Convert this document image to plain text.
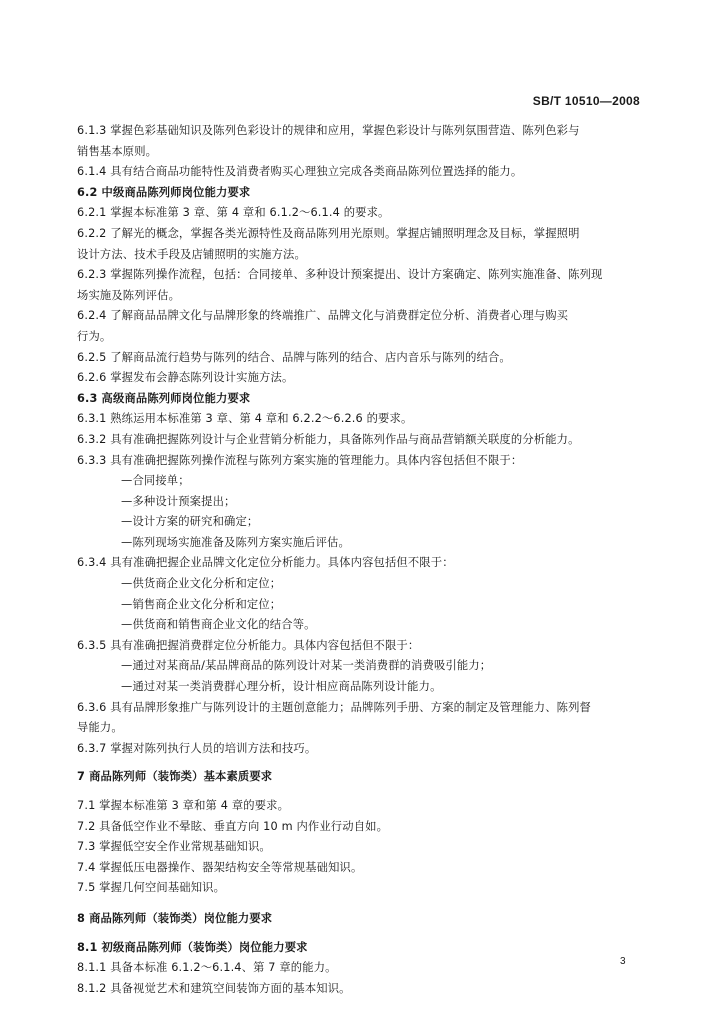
SB/T 10510—2008
6.1.3 掌握色彩基础知识及陈列色彩设计的规律和应用，掌握色彩设计与陈列氛围营造、陈列色彩与
销售基本原则。
6.1.4 具有结合商品功能特性及消费者购买心理独立完成各类商品陈列位置选择的能力。
6.2 中级商品陈列师岗位能力要求
6.2.1 掌握本标准第 3 章、第 4 章和 6.1.2～6.1.4 的要求。
6.2.2 了解光的概念，掌握各类光源特性及商品陈列用光原则。掌握店铺照明理念及目标，掌握照明
设计方法、技术手段及店铺照明的实施方法。
6.2.3 掌握陈列操作流程，包括：合同接单、多种设计预案提出、设计方案确定、陈列实施准备、陈列现
场实施及陈列评估。
6.2.4 了解商品品牌文化与品牌形象的终端推广、品牌文化与消费群定位分析、消费者心理与购买
行为。
6.2.5 了解商品流行趋势与陈列的结合、品牌与陈列的结合、店内音乐与陈列的结合。
6.2.6 掌握发布会静态陈列设计实施方法。
6.3 高级商品陈列师岗位能力要求
6.3.1 熟练运用本标准第 3 章、第 4 章和 6.2.2～6.2.6 的要求。
6.3.2 具有准确把握陈列设计与企业营销分析能力，具备陈列作品与商品营销额关联度的分析能力。
6.3.3 具有准确把握陈列操作流程与陈列方案实施的管理能力。具体内容包括但不限于：
—合同接单；
—多种设计预案提出；
—设计方案的研究和确定；
—陈列现场实施准备及陈列方案实施后评估。
6.3.4 具有准确把握企业品牌文化定位分析能力。具体内容包括但不限于：
—供货商企业文化分析和定位；
—销售商企业文化分析和定位；
—供货商和销售商企业文化的结合等。
6.3.5 具有准确把握消费群定位分析能力。具体内容包括但不限于：
—通过对某商品/某品牌商品的陈列设计对某一类消费群的消费吸引能力；
—通过对某一类消费群心理分析，设计相应商品陈列设计能力。
6.3.6 具有品牌形象推广与陈列设计的主题创意能力；品牌陈列手册、方案的制定及管理能力、陈列督
导能力。
6.3.7 掌握对陈列执行人员的培训方法和技巧。
7 商品陈列师（装饰类）基本素质要求
7.1 掌握本标准第 3 章和第 4 章的要求。
7.2 具备低空作业不晕眩、垂直方向 10 m 内作业行动自如。
7.3 掌握低空安全作业常规基础知识。
7.4 掌握低压电器操作、器架结构安全等常规基础知识。
7.5 掌握几何空间基础知识。
8 商品陈列师（装饰类）岗位能力要求
8.1 初级商品陈列师（装饰类）岗位能力要求
8.1.1 具备本标准 6.1.2～6.1.4、第 7 章的能力。
8.1.2 具备视觉艺术和建筑空间装饰方面的基本知识。
3
